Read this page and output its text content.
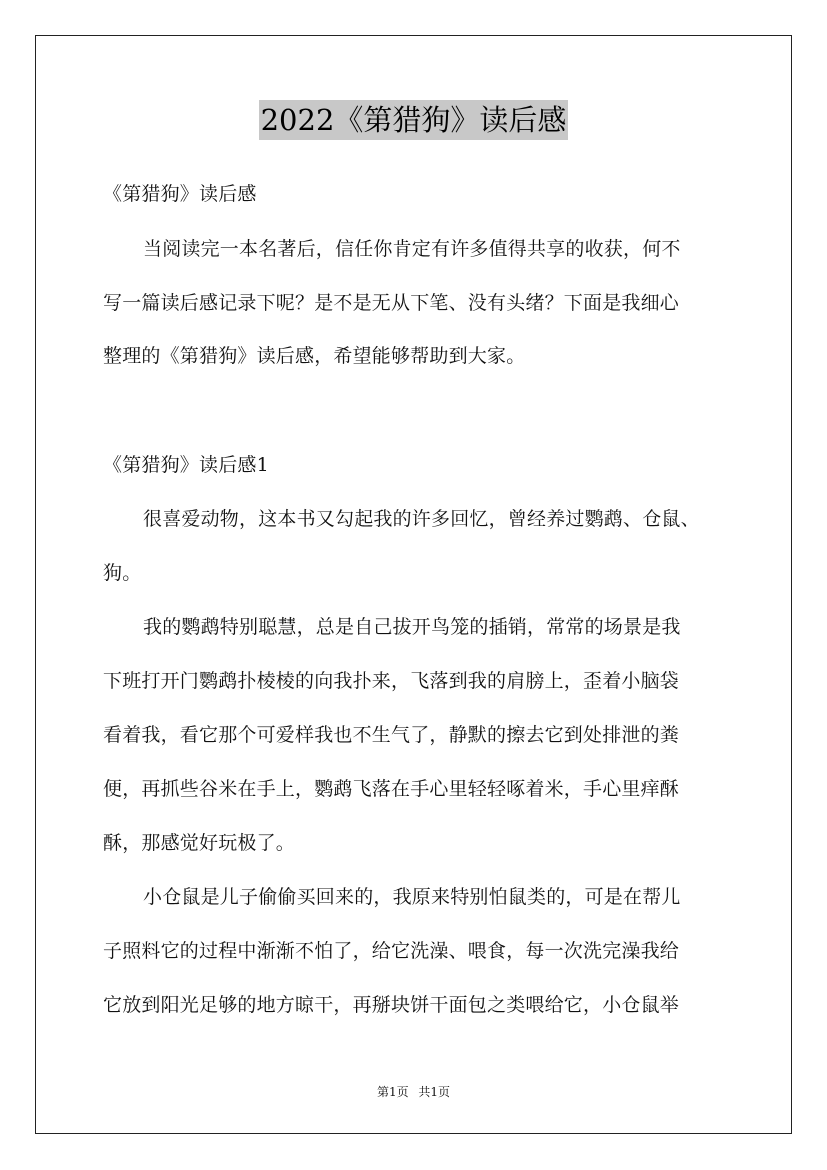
2022《第猎狗》读后感
《第猎狗》读后感
当阅读完一本名著后，信任你肯定有许多值得共享的收获，何不
写一篇读后感记录下呢？是不是无从下笔、没有头绪？下面是我细心
整理的《第猎狗》读后感，希望能够帮助到大家。
《第猎狗》读后感1
很喜爱动物，这本书又勾起我的许多回忆，曾经养过鹦鹉、仓鼠、
狗。
我的鹦鹉特别聪慧，总是自己拔开鸟笼的插销，常常的场景是我
下班打开门鹦鹉扑棱棱的向我扑来，飞落到我的肩膀上，歪着小脑袋
看着我，看它那个可爱样我也不生气了，静默的擦去它到处排泄的粪
便，再抓些谷米在手上，鹦鹉飞落在手心里轻轻啄着米，手心里痒酥
酥，那感觉好玩极了。
小仓鼠是儿子偷偷买回来的，我原来特别怕鼠类的，可是在帮儿
子照料它的过程中渐渐不怕了，给它洗澡、喂食，每一次洗完澡我给
它放到阳光足够的地方晾干，再掰块饼干面包之类喂给它，小仓鼠举
第1页 共1页
